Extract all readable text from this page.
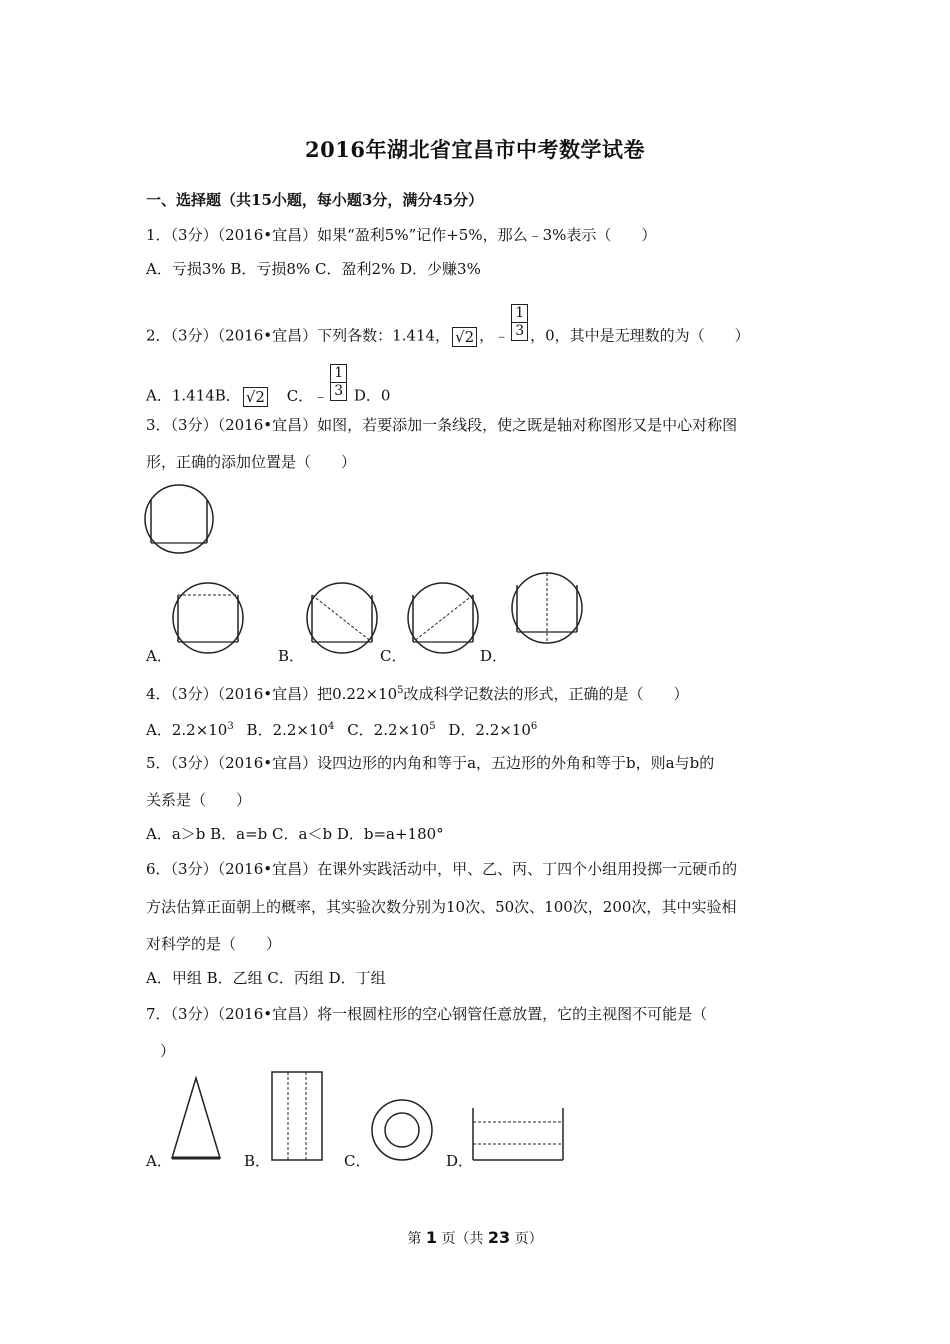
2016年湖北省宜昌市中考数学试卷
一、选择题（共15小题，每小题3分，满分45分）
1．（3分）（2016•宜昌）如果“盈利5%”记作+5%，那么﹣3%表示（　　）
A．亏损3% B．亏损8% C．盈利2% D．少赚3%
2．（3分）（2016•宜昌）下列各数：1.414， √2 ，﹣ $\frac{1}{3}$ ，0，其中是无理数的为（　　）
A．1.414B． √2 C．﹣ $\frac{1}{3}$ D．0
3．（3分）（2016•宜昌）如图，若要添加一条线段，使之既是轴对称图形又是中心对称图
形，正确的添加位置是（　　）
A．	B．	C．	D．
4．（3分）（2016•宜昌）把$0.22\times 10^5$改成科学记数法的形式，正确的是（　　）
A．$2.2\times 10^3$ B．$2.2\times 10^4$ C．$2.2\times 10^5$ D．$2.2\times 10^6$
5．（3分）（2016•宜昌）设四边形的内角和等于a，五边形的外角和等于b，则a与b的
关系是（　　）
A．a＞b B．a=b C．a＜b D．b=a+180°
6．（3分）（2016•宜昌）在课外实践活动中，甲、乙、丙、丁四个小组用投掷一元硬币的
方法估算正面朝上的概率，其实验次数分别为10次、50次、100次，200次，其中实验相
对科学的是（　　）
A．甲组 B．乙组 C．丙组 D．丁组
7．（3分）（2016•宜昌）将一根圆柱形的空心钢管任意放置，它的主视图不可能是（
）
A．	B．	C．	D．
第 1 页（共 23 页）
